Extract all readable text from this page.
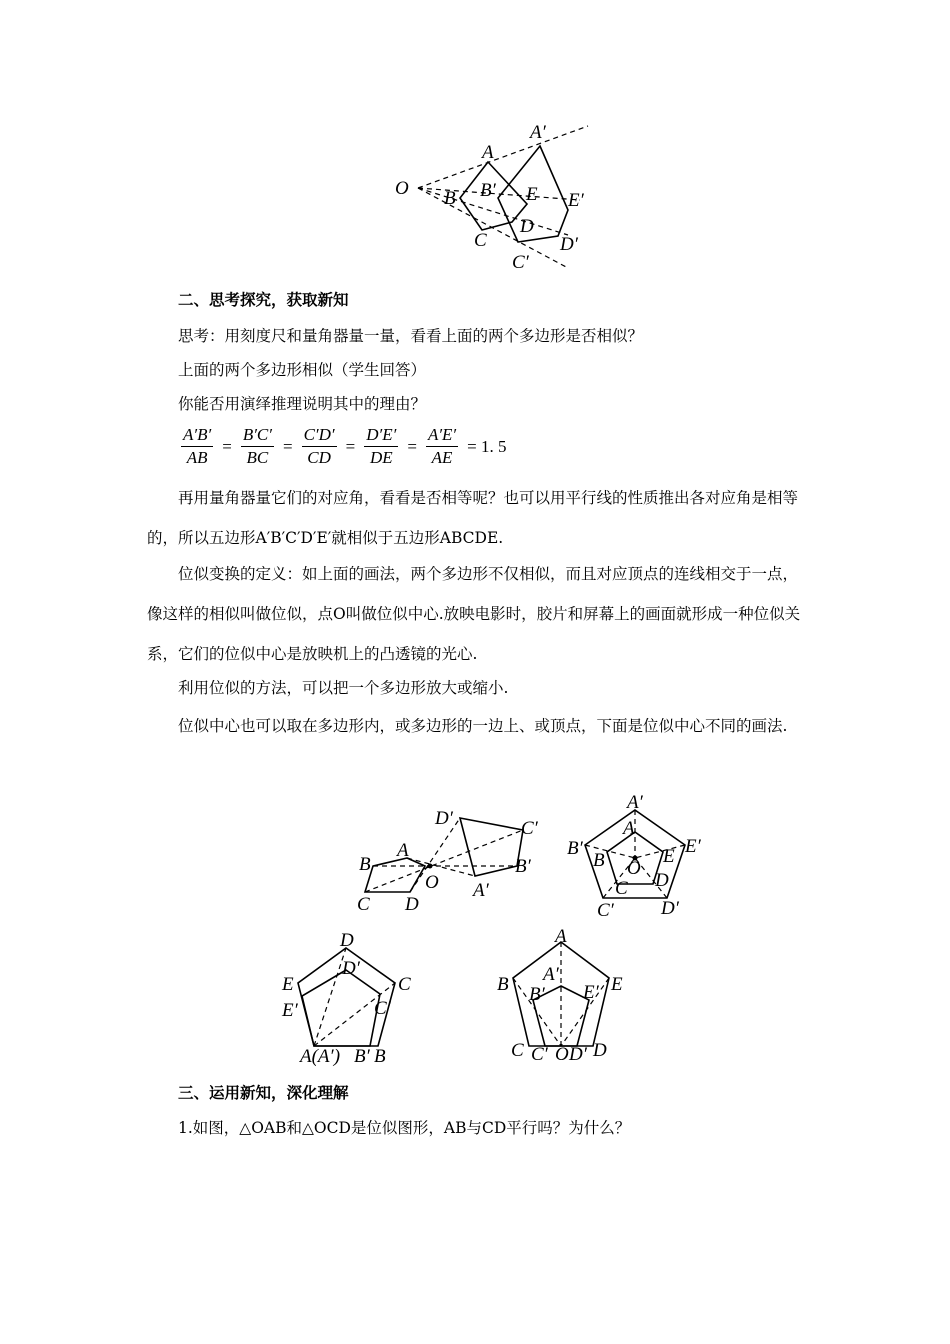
O
A
A′
B B′
C
C′
D
D′
E E′

二、思考探究，获取新知

思考：用刻度尺和量角器量一量，看看上面的两个多边形是否相似？

上面的两个多边形相似（学生回答）

你能否用演绎推理说明其中的理由？

$\frac{A'B'}{AB} = \frac{B'C'}{BC} = \frac{C'D'}{CD} = \frac{D'E'}{DE} = \frac{A'E'}{AE} = 1$. 5

再用量角器量它们的对应角，看看是否相等呢？也可以用平行线的性质推出各对应角是相等的，所以五边形A′B′C′D′E′就相似于五边形ABCDE.

位似变换的定义：如上面的画法，两个多边形不仅相似，而且对应顶点的连线相交于一点，像这样的相似叫做位似，点O叫做位似中心.放映电影时，胶片和屏幕上的画面就形成一种位似关系，它们的位似中心是放映机上的凸透镜的光心.

利用位似的方法，可以把一个多边形放大或缩小.

位似中心也可以取在多边形内，或多边形的一边上、或顶点，下面是位似中心不同的画法.

A
B
C D
O A′
B′
C′
D′
A′
A
B′
B O
E E′
C D
C′ D′
D
D′
E
E′
C
C′
A(A′) B′ B
A
A′
B B′ E′ E
C C′ O D′ D

三、运用新知，深化理解

1.如图，△OAB和△OCD是位似图形，AB与CD平行吗？为什么？
